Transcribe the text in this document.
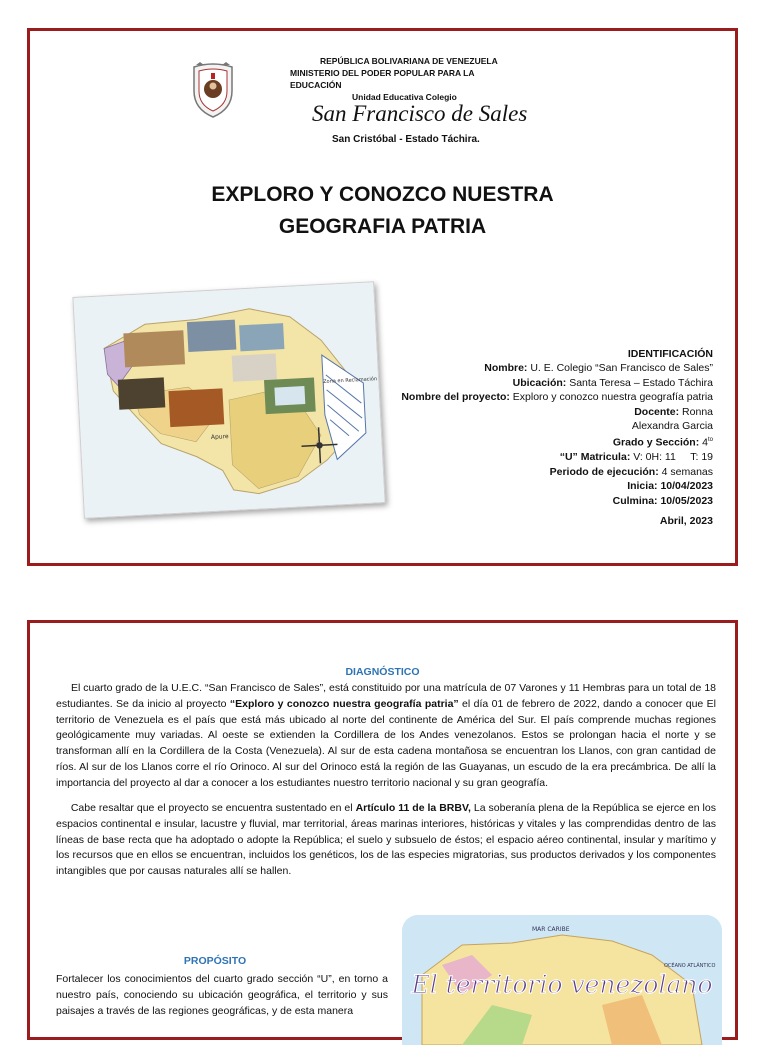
REPÚBLICA BOLIVARIANA DE VENEZUELA
MINISTERIO DEL PODER POPULAR PARA LA EDUCACIÓN
Unidad Educativa Colegio
San Francisco de Sales
San Cristóbal - Estado Táchira.
EXPLORO Y CONOZCO NUESTRA
GEOGRAFIA PATRIA
Apure
Zona en Reclamación
IDENTIFICACIÓN
Nombre: U. E. Colegio “San Francisco de Sales”
Ubicación: Santa Teresa – Estado Táchira
Nombre del proyecto: Exploro y conozco nuestra geografía patria
Docente: Ronna
Alexandra Garcia
Grado y Sección: $4^{to}$
“U” Matricula: V: 0H: 11     T: 19
Periodo de ejecución: 4 semanas
Inicia: 10/04/2023
Culmina: 10/05/2023
Abril, 2023
DIAGNÓSTICO
El cuarto grado de la U.E.C. “San Francisco de Sales”, está constituido por una matrícula de 07 Varones y 11 Hembras para un total de 18 estudiantes. Se da inicio al proyecto “Exploro y conozco nuestra geografía patria” el día 01 de febrero de 2022, dando a conocer que El territorio de Venezuela es el país que está más ubicado al norte del continente de América del Sur. El país comprende muchas regiones geológicamente muy variadas. Al oeste se extienden la Cordillera de los Andes venezolanos. Estos se prolongan hacia el norte y se transforman allí en la Cordillera de la Costa (Venezuela). Al sur de esta cadena montañosa se encuentran los Llanos, con gran cantidad de ríos. Al sur de los Llanos corre el río Orinoco. Al sur del Orinoco está la región de las Guayanas, un escudo de la era precámbrica. De allí la importancia del proyecto al dar a conocer a los estudiantes nuestro territorio nacional y su gran geografía.
Cabe resaltar que el proyecto se encuentra sustentado en el Artículo 11 de la BRBV, La soberanía plena de la República se ejerce en los espacios continental e insular, lacustre y fluvial, mar territorial, áreas marinas interiores, históricas y vitales y las comprendidas dentro de las líneas de base recta que ha adoptado o adopte la República; el suelo y subsuelo de éstos; el espacio aéreo continental, insular y marítimo y los recursos que en ellos se encuentran, incluidos los genéticos, los de las especies migratorias, sus productos derivados y los componentes intangibles que por causas naturales allí se hallen.
PROPÓSITO
Fortalecer los conocimientos del cuarto grado sección “U”, en torno a nuestro país, conociendo su ubicación geográfica, el territorio y sus paisajes a través de las regiones geográficas, y de esta manera
MAR CARIBE
OCÉANO ATLÁNTICO
El territorio venezolano
